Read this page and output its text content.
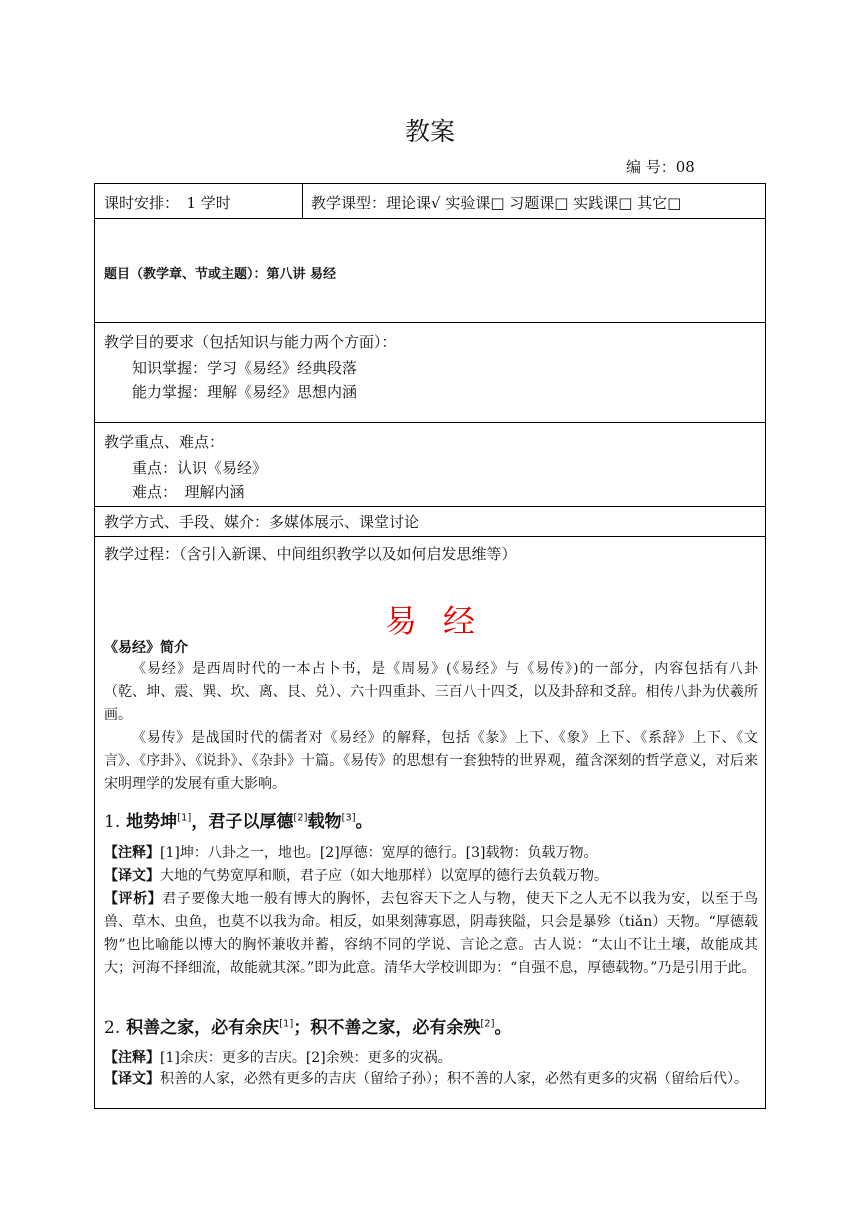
教案
编 号：08
课时安排：　1 学时	教学课型：理论课√ 实验课□ 习题课□ 实践课□ 其它□
题目（教学章、节或主题）：第八讲 易经
教学目的要求（包括知识与能力两个方面）：
知识掌握：学习《易经》经典段落
能力掌握：理解《易经》思想内涵
教学重点、难点：
重点：认识《易经》
难点：　理解内涵
教学方式、手段、媒介：多媒体展示、课堂讨论
教学过程：（含引入新课、中间组织教学以及如何启发思维等）
易经
《易经》简介
《易经》是西周时代的一本占卜书，是《周易》(《易经》与《易传》)的一部分，内容包括有八卦（乾、坤、震、巽、坎、离、艮、兑）、六十四重卦、三百八十四爻，以及卦辞和爻辞。相传八卦为伏羲所画。
《易传》是战国时代的儒者对《易经》的解释，包括《彖》上下、《象》上下、《系辞》上下、《文言》、《序卦》、《说卦》、《杂卦》十篇。《易传》的思想有一套独特的世界观，蕴含深刻的哲学意义，对后来宋明理学的发展有重大影响。
1. 地势坤[1]，君子以厚德[2]载物[3]。
【注释】[1]坤：八卦之一，地也。[2]厚德：宽厚的德行。[3]载物：负载万物。
【译文】大地的气势宽厚和顺，君子应（如大地那样）以宽厚的德行去负载万物。
【评析】君子要像大地一般有博大的胸怀，去包容天下之人与物，使天下之人无不以我为安，以至于鸟兽、草木、虫鱼，也莫不以我为命。相反，如果刻薄寡恩，阴毒狭隘，只会是暴殄（tiǎn）天物。“厚德载物”也比喻能以博大的胸怀兼收并蓄，容纳不同的学说、言论之意。古人说：“太山不让土壤，故能成其大；河海不择细流，故能就其深。”即为此意。清华大学校训即为：“自强不息，厚德载物。”乃是引用于此。
2. 积善之家，必有余庆[1]；积不善之家，必有余殃[2]。
【注释】[1]余庆：更多的吉庆。[2]余殃：更多的灾祸。
【译文】积善的人家，必然有更多的吉庆（留给子孙）；积不善的人家，必然有更多的灾祸（留给后代）。
